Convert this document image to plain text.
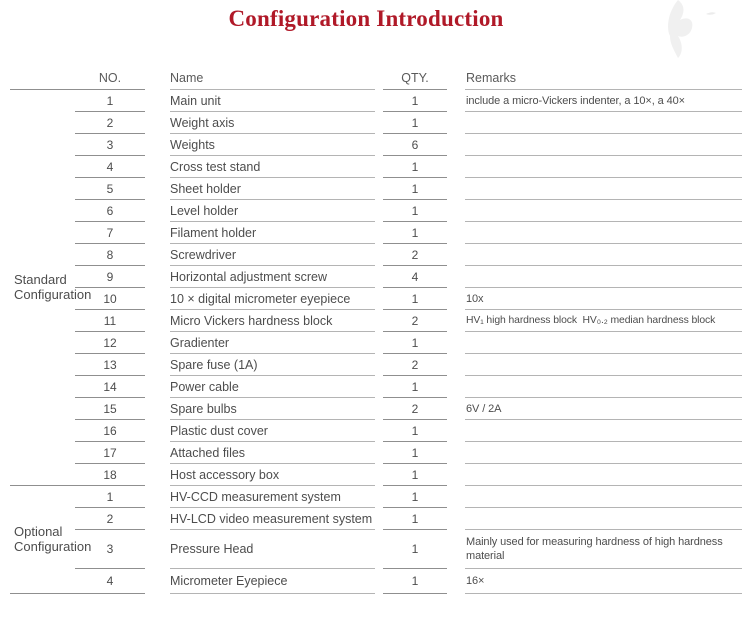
Configuration Introduction
NO.	Name	QTY.	Remarks
Standard Configuration
1	Main unit	1	include a micro-Vickers indenter, a 10×, a 40×
2	Weight axis	1
3	Weights	6
4	Cross test stand	1
5	Sheet holder	1
6	Level holder	1
7	Filament holder	1
8	Screwdriver	2
9	Horizontal adjustment screw	4
10	10 × digital micrometer eyepiece	1	10x
11	Micro Vickers hardness block	2	HV₁ high hardness block  HV₀.₂ median hardness block
12	Gradienter	1
13	Spare fuse (1A)	2
14	Power cable	1
15	Spare bulbs	2	6V / 2A
16	Plastic dust cover	1
17	Attached files	1
18	Host accessory box	1
Optional Configuration
1	HV-CCD measurement system	1
2	HV-LCD video measurement system	1
3	Pressure Head	1
Mainly used for measuring hardness of high hardness material
4	Micrometer Eyepiece	1	16×
